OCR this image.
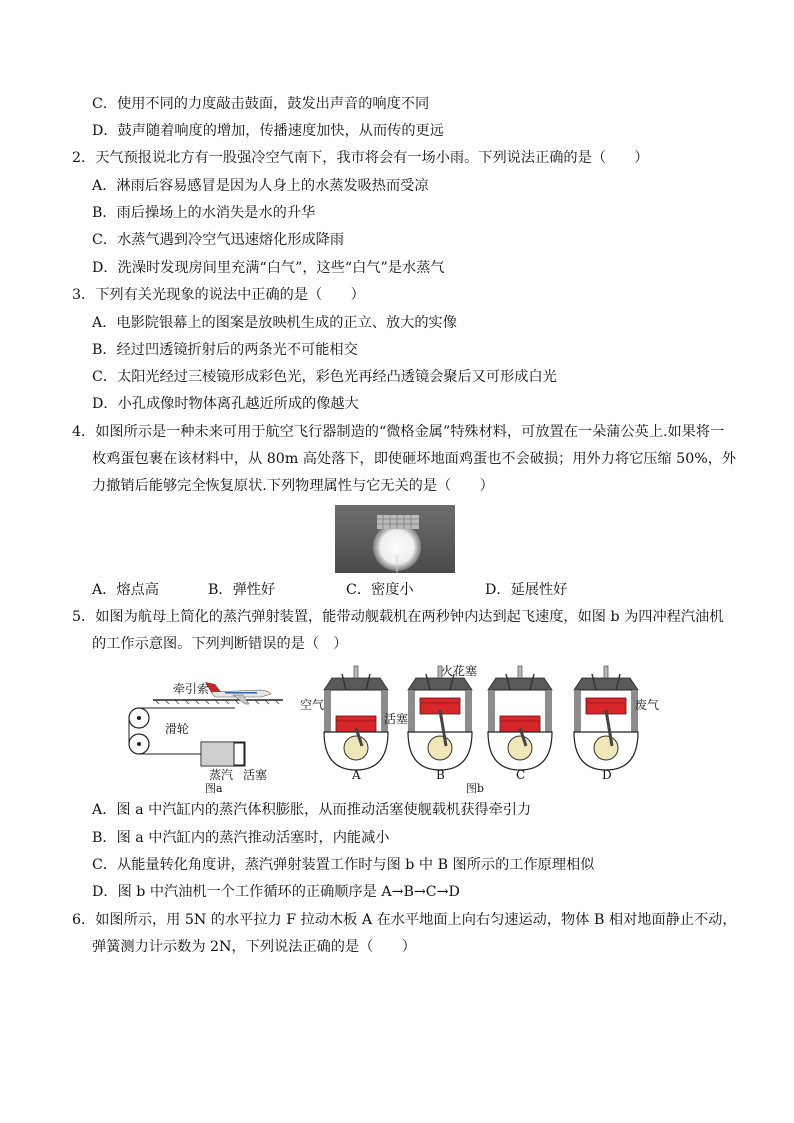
C．使用不同的力度敲击鼓面，鼓发出声音的响度不同
D．鼓声随着响度的增加，传播速度加快，从而传的更远
2．天气预报说北方有一股强冷空气南下，我市将会有一场小雨。下列说法正确的是（　　）
A．淋雨后容易感冒是因为人身上的水蒸发吸热而受凉
B．雨后操场上的水消失是水的升华
C．水蒸气遇到冷空气迅速熔化形成降雨
D．洗澡时发现房间里充满“白气”，这些“白气”是水蒸气
3．下列有关光现象的说法中正确的是（　　）
A．电影院银幕上的图案是放映机生成的正立、放大的实像
B．经过凹透镜折射后的两条光不可能相交
C．太阳光经过三棱镜形成彩色光，彩色光再经凸透镜会聚后又可形成白光
D．小孔成像时物体离孔越近所成的像越大
4．如图所示是一种未来可用于航空飞行器制造的“微格金属”特殊材料，可放置在一朵蒲公英上.如果将一
枚鸡蛋包裹在该材料中，从 80m 高处落下，即使砸坏地面鸡蛋也不会破损；用外力将它压缩 50%，外
力撤销后能够完全恢复原状.下列物理属性与它无关的是（　　）
A．熔点高	B．弹性好	C．密度小	D．延展性好
5．如图为航母上简化的蒸汽弹射装置，能带动舰载机在两秒钟内达到起飞速度，如图 b 为四冲程汽油机
的工作示意图。下列判断错误的是（　）
牵引索
滑轮
蒸汽 活塞
图a
火花塞
空气
活塞
废气
A	B	C	D
图b
A．图 a 中汽缸内的蒸汽体积膨胀，从而推动活塞使舰载机获得牵引力
B．图 a 中汽缸内的蒸汽推动活塞时，内能减小
C．从能量转化角度讲，蒸汽弹射装置工作时与图 b 中 B 图所示的工作原理相似
D．图 b 中汽油机一个工作循环的正确顺序是 A→B→C→D
6．如图所示，用 5N 的水平拉力 F 拉动木板 A 在水平地面上向右匀速运动，物体 B 相对地面静止不动，
弹簧测力计示数为 2N，下列说法正确的是（　　）
